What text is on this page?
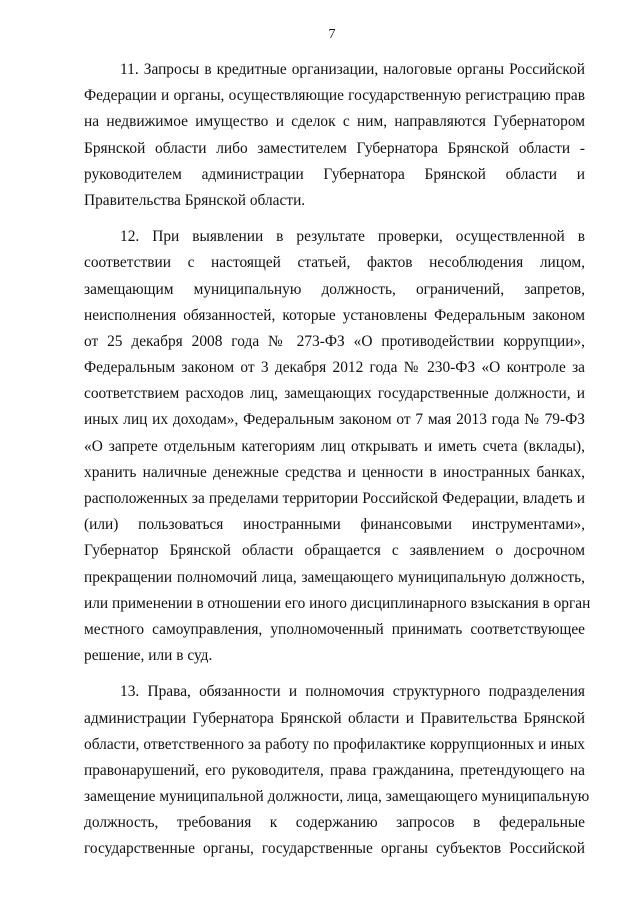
7
11. Запросы в кредитные организации, налоговые органы Российской
Федерации и органы, осуществляющие государственную регистрацию прав
на недвижимое имущество и сделок с ним, направляются Губернатором
Брянской области либо заместителем Губернатора Брянской области -
руководителем администрации Губернатора Брянской области и
Правительства Брянской области.
12. При выявлении в результате проверки, осуществленной в
соответствии с настоящей статьей, фактов несоблюдения лицом,
замещающим муниципальную должность, ограничений, запретов,
неисполнения обязанностей, которые установлены Федеральным законом
от 25 декабря 2008 года № 273-ФЗ «О противодействии коррупции»,
Федеральным законом от 3 декабря 2012 года № 230-ФЗ «О контроле за
соответствием расходов лиц, замещающих государственные должности, и
иных лиц их доходам», Федеральным законом от 7 мая 2013 года № 79-ФЗ
«О запрете отдельным категориям лиц открывать и иметь счета (вклады),
хранить наличные денежные средства и ценности в иностранных банках,
расположенных за пределами территории Российской Федерации, владеть и
(или) пользоваться иностранными финансовыми инструментами»,
Губернатор Брянской области обращается с заявлением о досрочном
прекращении полномочий лица, замещающего муниципальную должность,
или применении в отношении его иного дисциплинарного взыскания в орган
местного самоуправления, уполномоченный принимать соответствующее
решение, или в суд.
13. Права, обязанности и полномочия структурного подразделения
администрации Губернатора Брянской области и Правительства Брянской
области, ответственного за работу по профилактике коррупционных и иных
правонарушений, его руководителя, права гражданина, претендующего на
замещение муниципальной должности, лица, замещающего муниципальную
должность, требования к содержанию запросов в федеральные
государственные органы, государственные органы субъектов Российской
